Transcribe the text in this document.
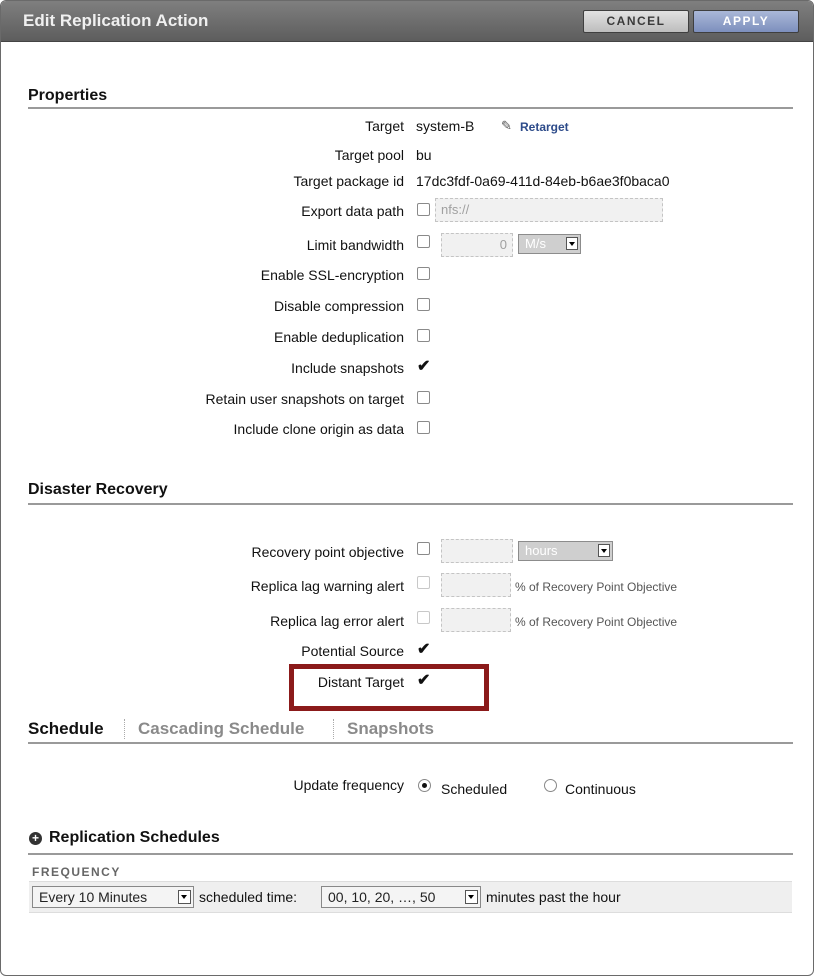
Edit Replication Action	CANCEL	APPLY
Properties
Target system-B ✎ Retarget
Target pool bu
Target package id 17dc3fdf-0a69-411d-84eb-b6ae3f0baca0
Export data path	nfs://
Limit bandwidth	0	M/s
Enable SSL-encryption
Disable compression
Enable deduplication
Include snapshots ✔
Retain user snapshots on target
Include clone origin as data
Disaster Recovery
Recovery point objective	hours
Replica lag warning alert	% of Recovery Point Objective
Replica lag error alert	% of Recovery Point Objective
Potential Source ✔
Distant Target ✔
Schedule Cascading Schedule	Snapshots
Update frequency	Scheduled	Continuous
+ Replication Schedules
FREQUENCY
Every 10 Minutes	scheduled time:	00, 10, 20, …, 50	minutes past the hour
